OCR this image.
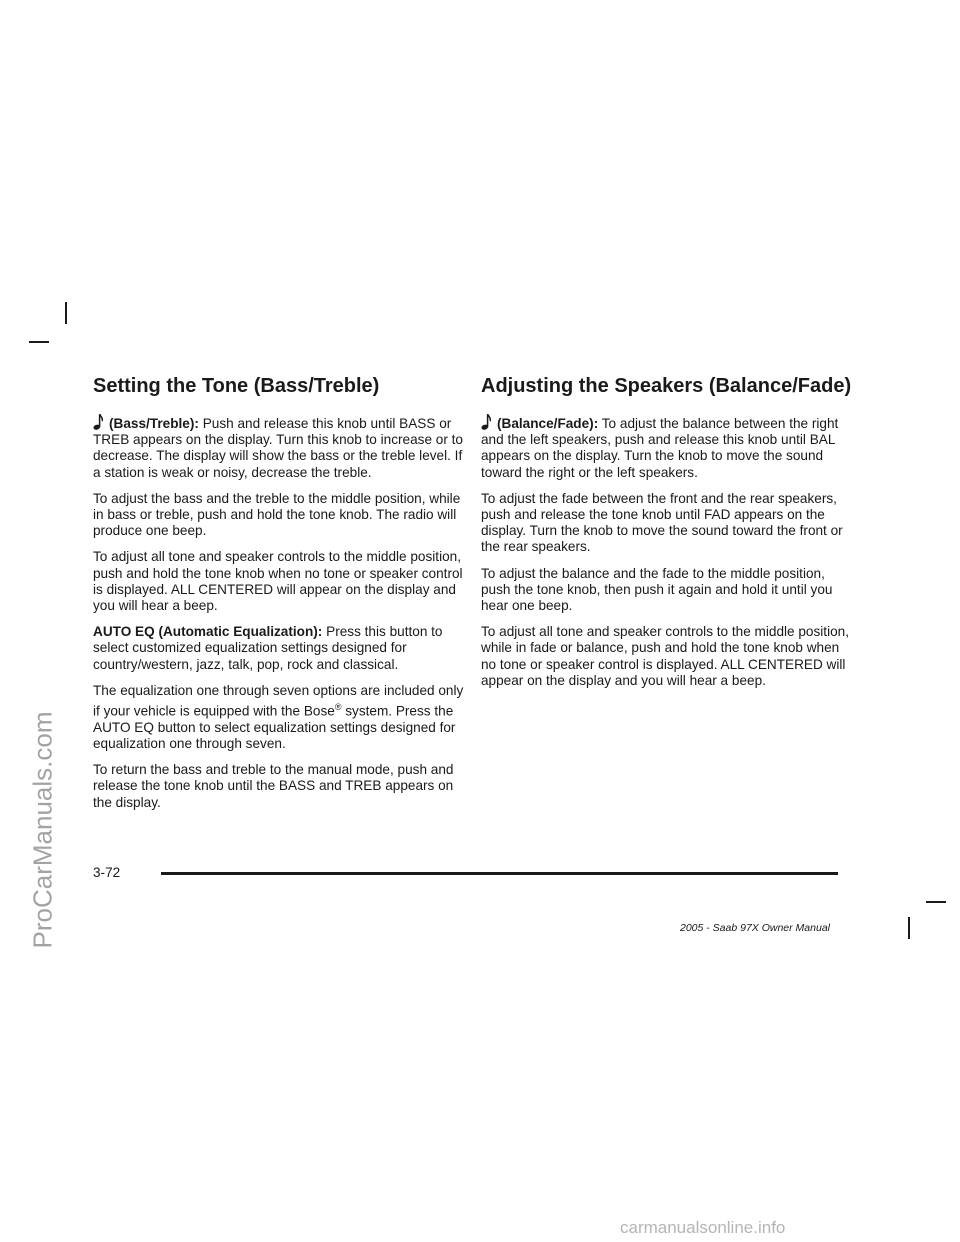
ProCarManuals.com
Setting the Tone (Bass/Treble)

(Bass/Treble): Push and release this knob until BASS or TREB appears on the display. Turn this knob to increase or to decrease. The display will show the bass or the treble level. If a station is weak or noisy, decrease the treble.

To adjust the bass and the treble to the middle position, while in bass or treble, push and hold the tone knob. The radio will produce one beep.

To adjust all tone and speaker controls to the middle position, push and hold the tone knob when no tone or speaker control is displayed. ALL CENTERED will appear on the display and you will hear a beep.

AUTO EQ (Automatic Equalization): Press this button to select customized equalization settings designed for country/western, jazz, talk, pop, rock and classical.

The equalization one through seven options are included only if your vehicle is equipped with the Bose® system. Press the AUTO EQ button to select equalization settings designed for equalization one through seven.

To return the bass and treble to the manual mode, push and release the tone knob until the BASS and TREB appears on the display.

Adjusting the Speakers (Balance/Fade)

(Balance/Fade): To adjust the balance between the right and the left speakers, push and release this knob until BAL appears on the display. Turn the knob to move the sound toward the right or the left speakers.

To adjust the fade between the front and the rear speakers, push and release the tone knob until FAD appears on the display. Turn the knob to move the sound toward the front or the rear speakers.

To adjust the balance and the fade to the middle position, push the tone knob, then push it again and hold it until you hear one beep.

To adjust all tone and speaker controls to the middle position, while in fade or balance, push and hold the tone knob when no tone or speaker control is displayed. ALL CENTERED will appear on the display and you will hear a beep.

3-72
2005 - Saab 97X Owner Manual
carmanualsonline.info
